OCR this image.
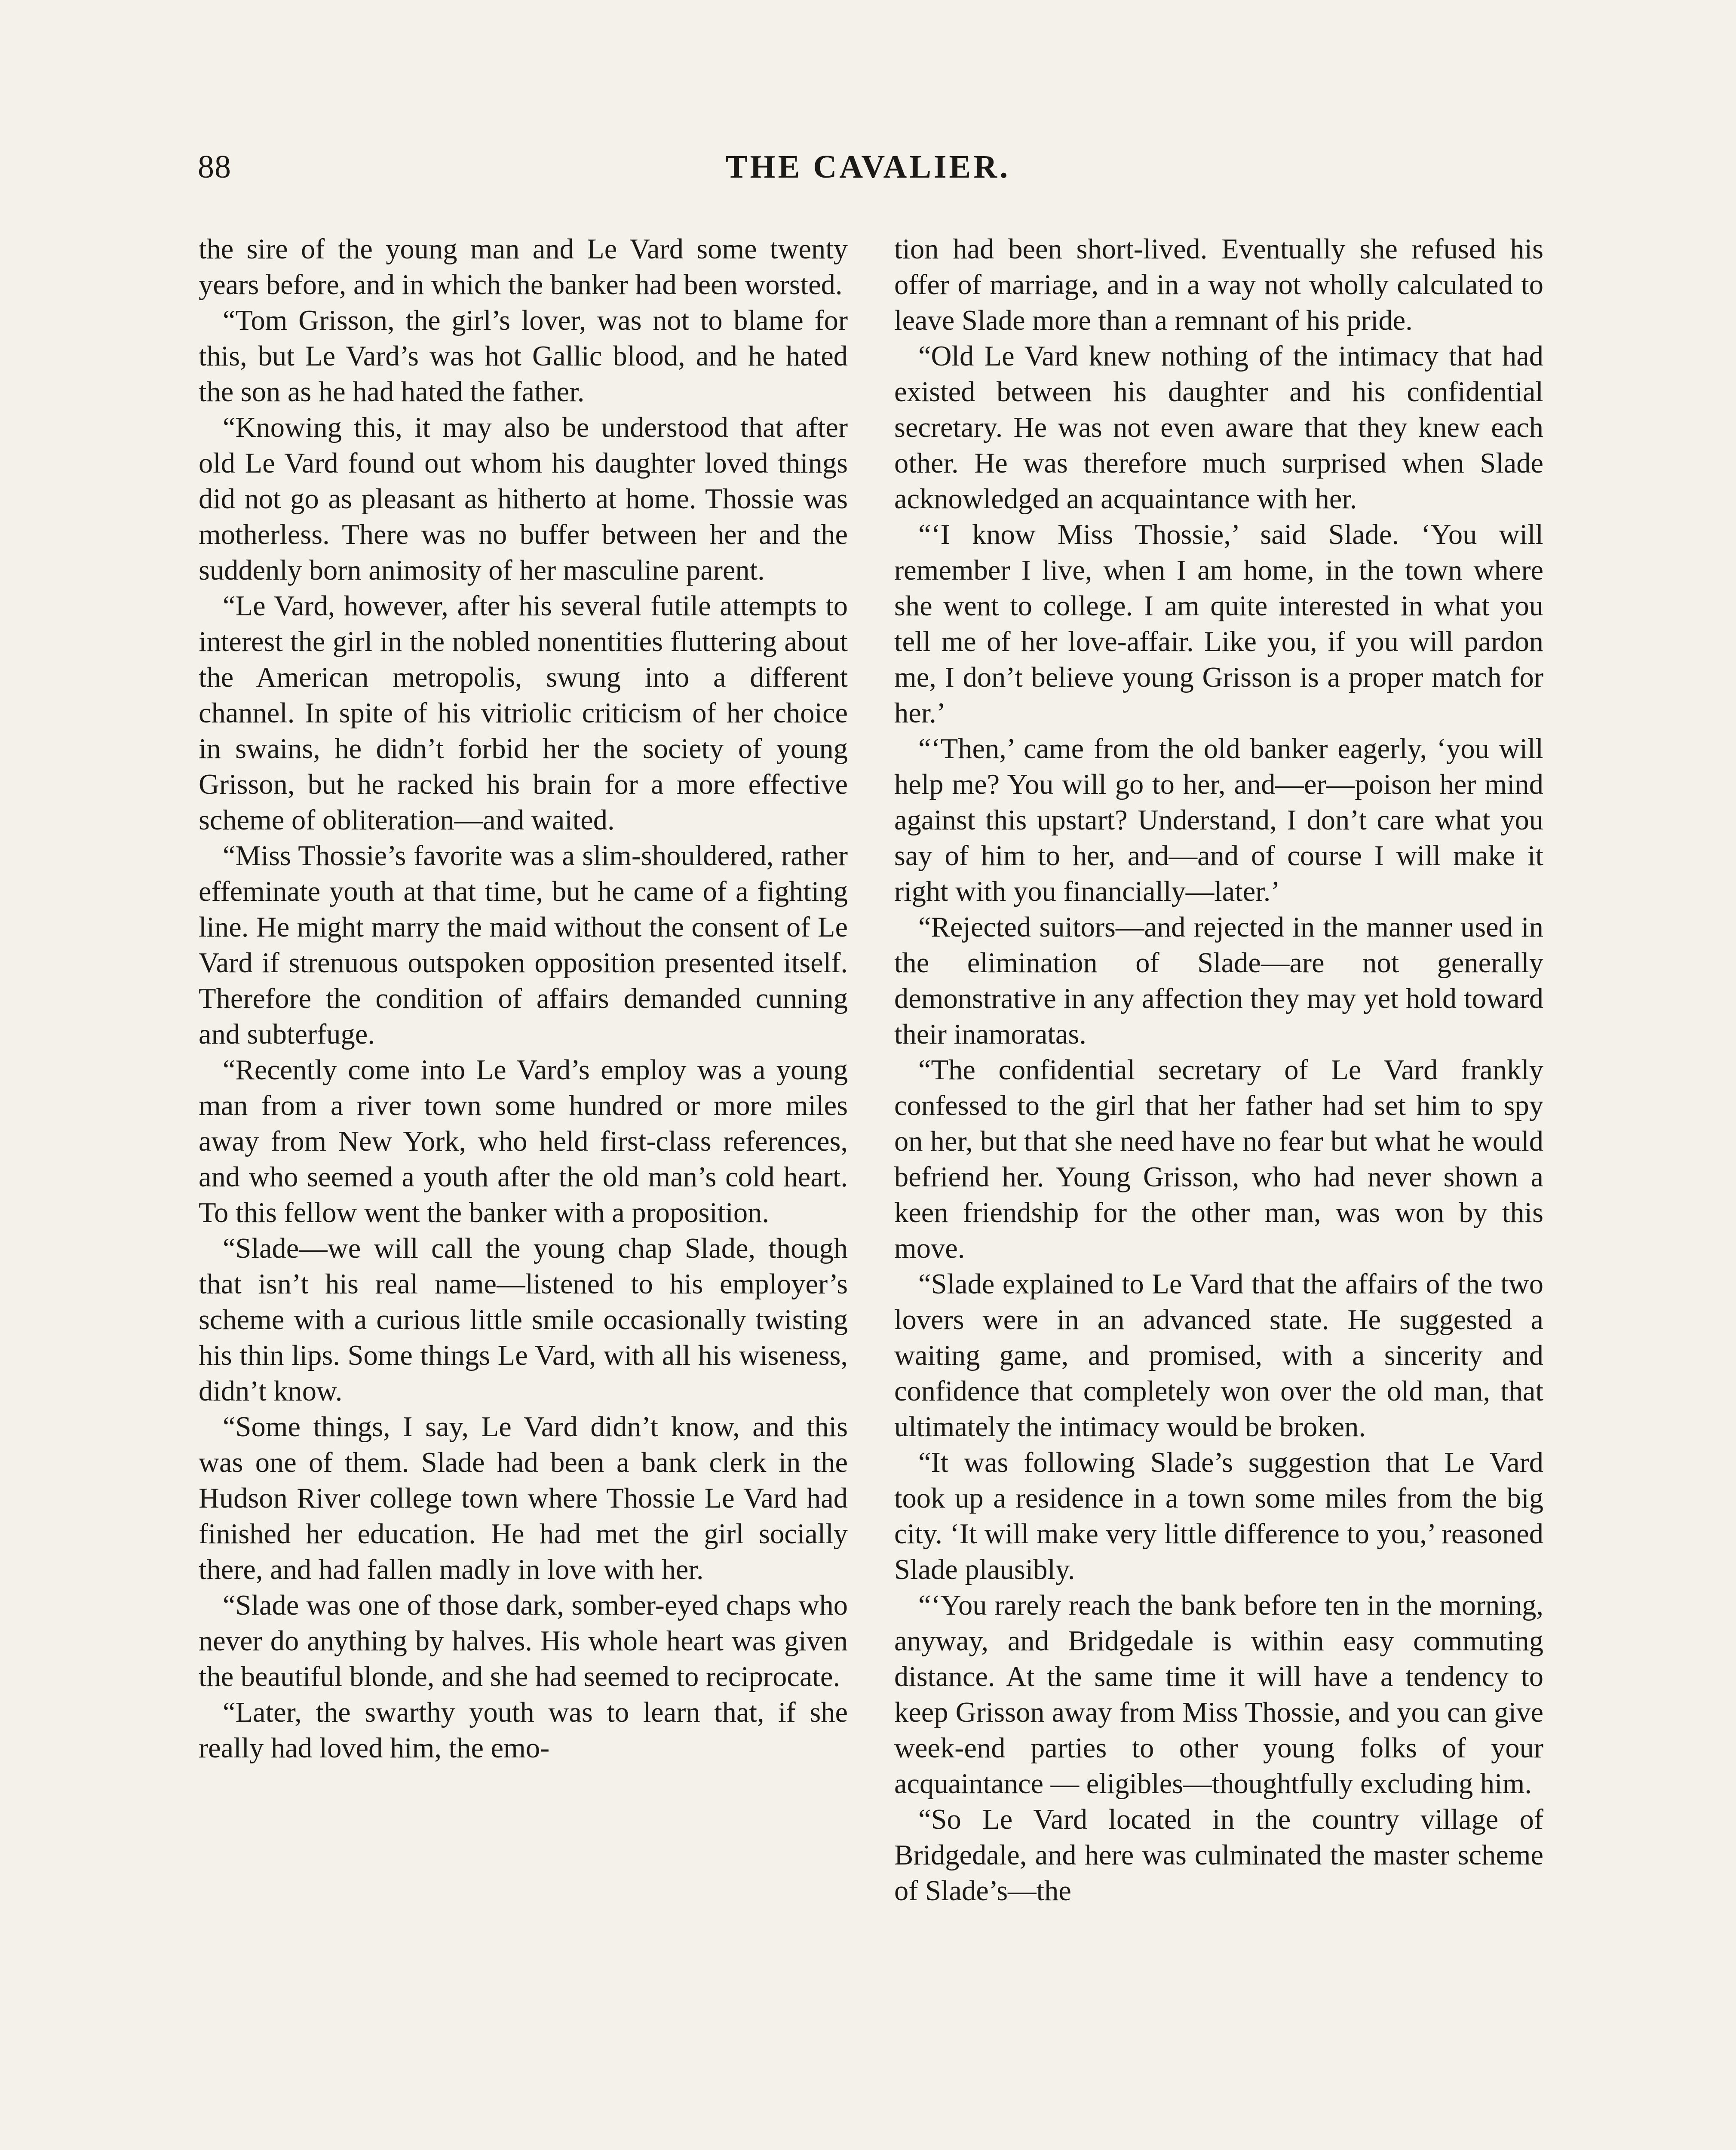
88	THE CAVALIER.

the sire of the young man and Le Vard some twenty years before, and in which the banker had been worsted.

“Tom Grisson, the girl’s lover, was not to blame for this, but Le Vard’s was hot Gallic blood, and he hated the son as he had hated the father.

“Knowing this, it may also be understood that after old Le Vard found out whom his daughter loved things did not go as pleasant as hitherto at home. Thossie was motherless. There was no buffer between her and the suddenly born animosity of her masculine parent.

“Le Vard, however, after his several futile attempts to interest the girl in the nobled nonentities fluttering about the American metropolis, swung into a different channel. In spite of his vitriolic criticism of her choice in swains, he didn’t forbid her the society of young Grisson, but he racked his brain for a more effective scheme of obliteration—and waited.

“Miss Thossie’s favorite was a slim-shouldered, rather effeminate youth at that time, but he came of a fighting line. He might marry the maid without the consent of Le Vard if strenuous outspoken opposition presented itself. Therefore the condition of affairs demanded cunning and subterfuge.

“Recently come into Le Vard’s employ was a young man from a river town some hundred or more miles away from New York, who held first-class references, and who seemed a youth after the old man’s cold heart. To this fellow went the banker with a proposition.

“Slade—we will call the young chap Slade, though that isn’t his real name—listened to his employer’s scheme with a curious little smile occasionally twisting his thin lips. Some things Le Vard, with all his wiseness, didn’t know.

“Some things, I say, Le Vard didn’t know, and this was one of them. Slade had been a bank clerk in the Hudson River college town where Thossie Le Vard had finished her education. He had met the girl socially there, and had fallen madly in love with her.

“Slade was one of those dark, somber-eyed chaps who never do anything by halves. His whole heart was given the beautiful blonde, and she had seemed to reciprocate.

“Later, the swarthy youth was to learn that, if she really had loved him, the emo-

tion had been short-lived. Eventually she refused his offer of marriage, and in a way not wholly calculated to leave Slade more than a remnant of his pride.

“Old Le Vard knew nothing of the intimacy that had existed between his daughter and his confidential secretary. He was not even aware that they knew each other. He was therefore much surprised when Slade acknowledged an acquaintance with her.

“‘I know Miss Thossie,’ said Slade. ‘You will remember I live, when I am home, in the town where she went to college. I am quite interested in what you tell me of her love-affair. Like you, if you will pardon me, I don’t believe young Grisson is a proper match for her.’

“‘Then,’ came from the old banker eagerly, ‘you will help me? You will go to her, and—er—poison her mind against this upstart? Understand, I don’t care what you say of him to her, and—and of course I will make it right with you financially—later.’

“Rejected suitors—and rejected in the manner used in the elimination of Slade—are not generally demonstrative in any affection they may yet hold toward their inamoratas.

“The confidential secretary of Le Vard frankly confessed to the girl that her father had set him to spy on her, but that she need have no fear but what he would befriend her. Young Grisson, who had never shown a keen friendship for the other man, was won by this move.

“Slade explained to Le Vard that the affairs of the two lovers were in an advanced state. He suggested a waiting game, and promised, with a sincerity and confidence that completely won over the old man, that ultimately the intimacy would be broken.

“It was following Slade’s suggestion that Le Vard took up a residence in a town some miles from the big city. ‘It will make very little difference to you,’ reasoned Slade plausibly.

“‘You rarely reach the bank before ten in the morning, anyway, and Bridgedale is within easy commuting distance. At the same time it will have a tendency to keep Grisson away from Miss Thossie, and you can give week-end parties to other young folks of your acquaintance — eligibles—thoughtfully excluding him.

“So Le Vard located in the country village of Bridgedale, and here was culminated the master scheme of Slade’s—the
